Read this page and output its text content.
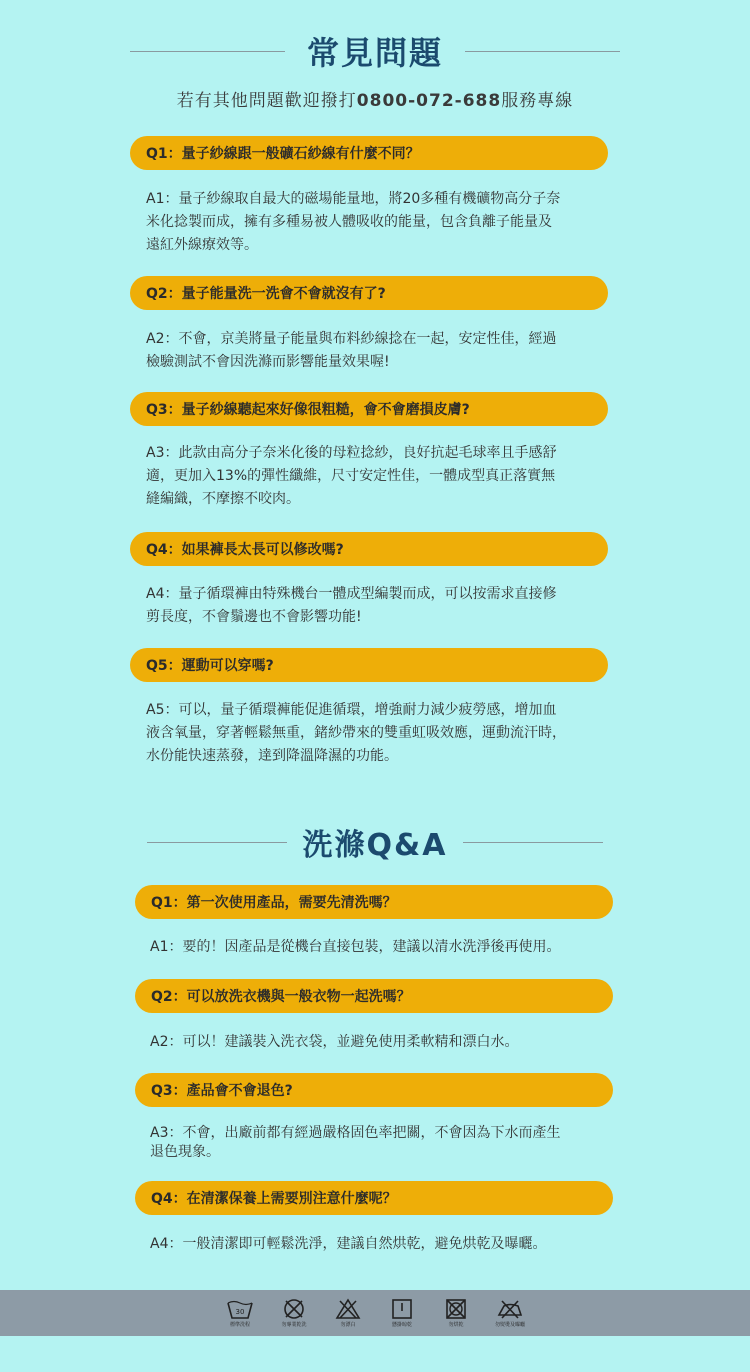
常見問題
若有其他問題歡迎撥打0800-072-688服務專線
Q1：量子紗線跟一般礦石紗線有什麼不同？
A1：量子紗線取自最大的磁場能量地，將20多種有機礦物高分子奈
米化捻製而成，擁有多種易被人體吸收的能量，包含負離子能量及
遠紅外線療效等。
Q2：量子能量洗一洗會不會就沒有了?
A2：不會，京美將量子能量與布料紗線捻在一起，安定性佳，經過
檢驗測試不會因洗滌而影響能量效果喔!
Q3：量子紗線聽起來好像很粗糙，會不會磨損皮膚?
A3：此款由高分子奈米化後的母粒捻紗，良好抗起毛球率且手感舒
適，更加入13%的彈性纖維，尺寸安定性佳，一體成型真正落實無
縫編織，不摩擦不咬肉。
Q4：如果褲長太長可以修改嗎?
A4：量子循環褲由特殊機台一體成型編製而成，可以按需求直接修
剪長度，不會鬚邊也不會影響功能!
Q5：運動可以穿嗎?
A5：可以，量子循環褲能促進循環，增強耐力減少疲勞感，增加血
液含氧量，穿著輕鬆無重，鍺紗帶來的雙重虹吸效應，運動流汗時，
水份能快速蒸發，達到降溫降濕的功能。
洗滌Q&A
Q1：第一次使用產品，需要先清洗嗎？
A1：要的！因產品是從機台直接包裝，建議以清水洗淨後再使用。
Q2：可以放洗衣機與一般衣物一起洗嗎？
A2：可以！建議裝入洗衣袋，並避免使用柔軟精和漂白水。
Q3：產品會不會退色?
A3：不會，出廠前都有經過嚴格固色率把關，不會因為下水而產生
退色現象。
Q4：在清潔保養上需要別注意什麼呢？
A4：一般清潔即可輕鬆洗淨，建議自然烘乾，避免烘乾及曝曬。
30
標準洗程	勿專業乾洗	勿漂白	懸掛晾乾	勿烘乾	勿熨燙及曝曬
